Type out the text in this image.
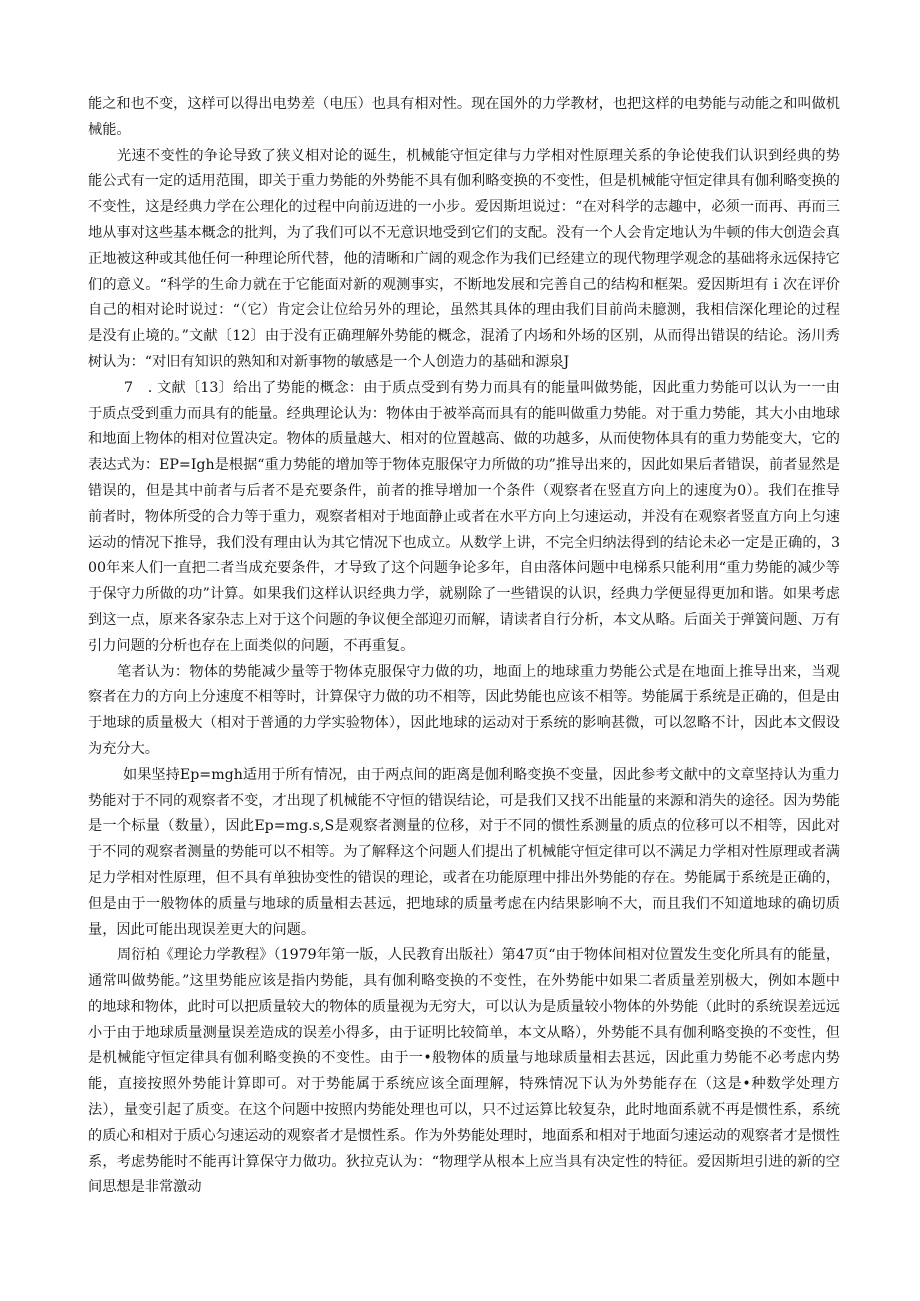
能之和也不变，这样可以得出电势差（电压）也具有相对性。现在国外的力学教材，也把这样的电势能与动能之和叫做机械能。

光速不变性的争论导致了狭义相对论的诞生，机械能守恒定律与力学相对性原理关系的争论使我们认识到经典的势能公式有一定的适用范围，即关于重力势能的外势能不具有伽利略变换的不变性，但是机械能守恒定律具有伽利略变换的不变性，这是经典力学在公理化的过程中向前迈进的一小步。爱因斯坦说过：“在对科学的志趣中，必须一而再、再而三地从事对这些基本概念的批判，为了我们可以不无意识地受到它们的支配。没有一个人会肯定地认为牛顿的伟大创造会真正地被这种或其他任何一种理论所代替，他的清晰和广阔的观念作为我们已经建立的现代物理学观念的基础将永远保持它们的意义。“科学的生命力就在于它能面对新的观测事实，不断地发展和完善自己的结构和框架。爱因斯坦有ｉ次在评价自己的相对论时说过：“（它）肯定会让位给另外的理论，虽然其具体的理由我们目前尚未臆测，我相信深化理论的过程是没有止境的。”文献〔12〕由于没有正确理解外势能的概念，混淆了内场和外场的区别，从而得出错误的结论。汤川秀树认为：“对旧有知识的熟知和对新事物的敏感是一个人创造力的基础和源泉J

7　. 文献〔13〕给出了势能的概念：由于质点受到有势力而具有的能量叫做势能，因此重力势能可以认为一一由于质点受到重力而具有的能量。经典理论认为：物体由于被举高而具有的能叫做重力势能。对于重力势能，其大小由地球和地面上物体的相对位置决定。物体的质量越大、相对的位置越高、做的功越多，从而使物体具有的重力势能变大，它的表达式为：EP=Igh是根据“重力势能的增加等于物体克服保守力所做的功”推导出来的，因此如果后者错误，前者显然是错误的，但是其中前者与后者不是充要条件，前者的推导增加一个条件（观察者在竖直方向上的速度为0）。我们在推导前者时，物体所受的合力等于重力，观察者相对于地面静止或者在水平方向上匀速运动，并没有在观察者竖直方向上匀速运动的情况下推导，我们没有理由认为其它情况下也成立。从数学上讲，不完全归纳法得到的结论未必一定是正确的，300年来人们一直把二者当成充要条件，才导致了这个问题争论多年，自由落体问题中电梯系只能利用“重力势能的减少等于保守力所做的功”计算。如果我们这样认识经典力学，就剔除了一些错误的认识，经典力学便显得更加和谐。如果考虑到这一点，原来各家杂志上对于这个问题的争议便全部迎刃而解，请读者自行分析，本文从略。后面关于弹簧问题、万有引力问题的分析也存在上面类似的问题，不再重复。

笔者认为：物体的势能减少量等于物体克服保守力做的功，地面上的地球重力势能公式是在地面上推导出来，当观察者在力的方向上分速度不相等时，计算保守力做的功不相等，因此势能也应该不相等。势能属于系统是正确的，但是由于地球的质量极大（相对于普通的力学实验物体），因此地球的运动对于系统的影响甚微，可以忽略不计，因此本文假设为充分大。

如果坚持Ep=mgh适用于所有情况，由于两点间的距离是伽利略变换不变量，因此参考文献中的文章坚持认为重力势能对于不同的观察者不变，才出现了机械能不守恒的错误结论，可是我们又找不出能量的来源和消失的途径。因为势能是一个标量（数量），因此Ep=mg.s,S是观察者测量的位移，对于不同的惯性系测量的质点的位移可以不相等，因此对于不同的观察者测量的势能可以不相等。为了解释这个问题人们提出了机械能守恒定律可以不满足力学相对性原理或者满足力学相对性原理，但不具有单独协变性的错误的理论，或者在功能原理中排出外势能的存在。势能属于系统是正确的，但是由于一般物体的质量与地球的质量相去甚远，把地球的质量考虑在内结果影响不大，而且我们不知道地球的确切质量，因此可能出现误差更大的问题。

周衍柏《理论力学教程》（1979年第一版，人民教育出版社）第47页“由于物体间相对位置发生变化所具有的能量，通常叫做势能。”这里势能应该是指内势能，具有伽利略变换的不变性，在外势能中如果二者质量差别极大，例如本题中的地球和物体，此时可以把质量较大的物体的质量视为无穷大，可以认为是质量较小物体的外势能（此时的系统误差远远小于由于地球质量测量误差造成的误差小得多，由于证明比较简单，本文从略），外势能不具有伽利略变换的不变性，但是机械能守恒定律具有伽利略变换的不变性。由于一•般物体的质量与地球质量相去甚远，因此重力势能不必考虑内势能，直接按照外势能计算即可。对于势能属于系统应该全面理解，特殊情况下认为外势能存在（这是•种数学处理方法），量变引起了质变。在这个问题中按照内势能处理也可以，只不过运算比较复杂，此时地面系就不再是惯性系，系统的质心和相对于质心匀速运动的观察者才是惯性系。作为外势能处理时，地面系和相对于地面匀速运动的观察者才是惯性系，考虑势能时不能再计算保守力做功。狄拉克认为：“物理学从根本上应当具有决定性的特征。爱因斯坦引进的新的空间思想是非常激动
